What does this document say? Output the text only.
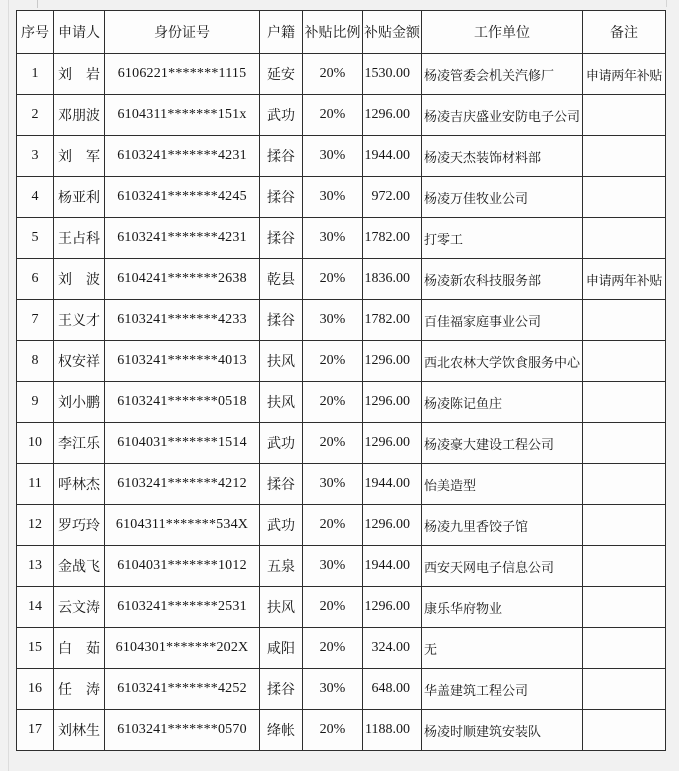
序号	申请人	身份证号	户籍	补贴比例	补贴金额	工作单位	备注
1	刘　岩	6106221*******1115	延安	20%	1530.00	杨凌管委会机关汽修厂	申请两年补贴
2	邓朋波	6104311*******151x	武功	20%	1296.00	杨凌吉庆盛业安防电子公司	
3	刘　军	6103241*******4231	揉谷	30%	1944.00	杨凌天杰装饰材料部	
4	杨亚利	6103241*******4245	揉谷	30%	972.00	杨凌万佳牧业公司	
5	王占科	6103241*******4231	揉谷	30%	1782.00	打零工	
6	刘　波	6104241*******2638	乾县	20%	1836.00	杨凌新农科技服务部	申请两年补贴
7	王义才	6103241*******4233	揉谷	30%	1782.00	百佳福家庭事业公司	
8	权安祥	6103241*******4013	扶风	20%	1296.00	西北农林大学饮食服务中心	
9	刘小鹏	6103241*******0518	扶风	20%	1296.00	杨凌陈记鱼庄	
10	李江乐	6104031*******1514	武功	20%	1296.00	杨凌豪大建设工程公司	
11	呼林杰	6103241*******4212	揉谷	30%	1944.00	怡美造型	
12	罗巧玲	6104311*******534X	武功	20%	1296.00	杨凌九里香饺子馆	
13	金战飞	6104031*******1012	五泉	30%	1944.00	西安天网电子信息公司	
14	云文涛	6103241*******2531	扶风	20%	1296.00	康乐华府物业	
15	白　茹	6104301*******202X	咸阳	20%	324.00	无	
16	任　涛	6103241*******4252	揉谷	30%	648.00	华盖建筑工程公司	
17	刘林生	6103241*******0570	绛帐	20%	1188.00	杨凌时顺建筑安装队	
